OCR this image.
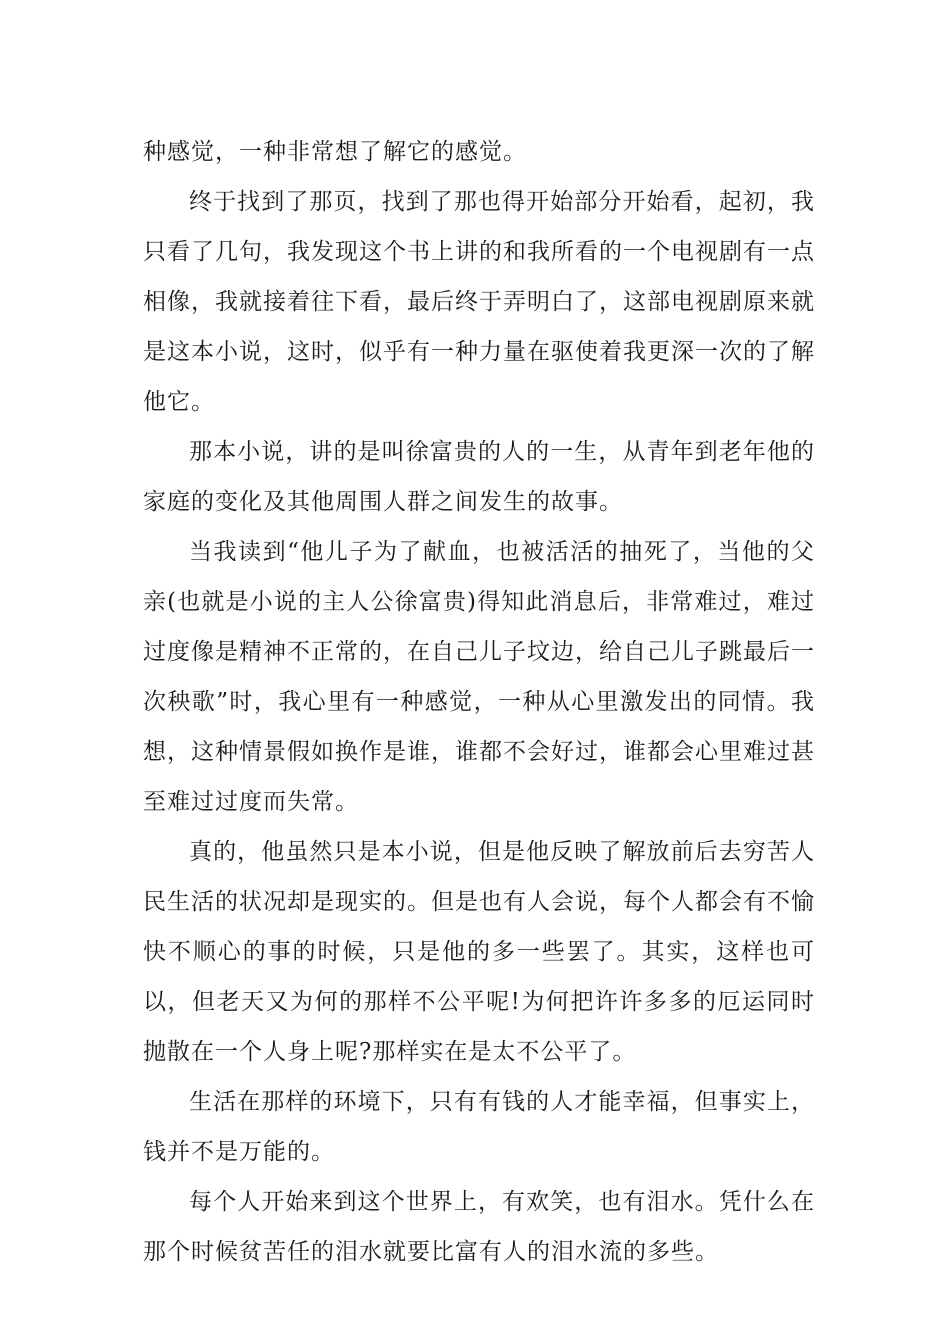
种感觉，一种非常想了解它的感觉。

终于找到了那页，找到了那也得开始部分开始看，起初，我只看了几句，我发现这个书上讲的和我所看的一个电视剧有一点相像，我就接着往下看，最后终于弄明白了，这部电视剧原来就是这本小说，这时，似乎有一种力量在驱使着我更深一次的了解他它。

那本小说，讲的是叫徐富贵的人的一生，从青年到老年他的家庭的变化及其他周围人群之间发生的故事。

当我读到“他儿子为了献血，也被活活的抽死了，当他的父亲(也就是小说的主人公徐富贵)得知此消息后，非常难过，难过过度像是精神不正常的，在自己儿子坟边，给自己儿子跳最后一次秧歌”时，我心里有一种感觉，一种从心里激发出的同情。我想，这种情景假如换作是谁，谁都不会好过，谁都会心里难过甚至难过过度而失常。

真的，他虽然只是本小说，但是他反映了解放前后去穷苦人民生活的状况却是现实的。但是也有人会说，每个人都会有不愉快不顺心的事的时候，只是他的多一些罢了。其实，这样也可以，但老天又为何的那样不公平呢!为何把许许多多的厄运同时抛散在一个人身上呢?那样实在是太不公平了。

生活在那样的环境下，只有有钱的人才能幸福，但事实上，钱并不是万能的。

每个人开始来到这个世界上，有欢笑，也有泪水。凭什么在那个时候贫苦任的泪水就要比富有人的泪水流的多些。
